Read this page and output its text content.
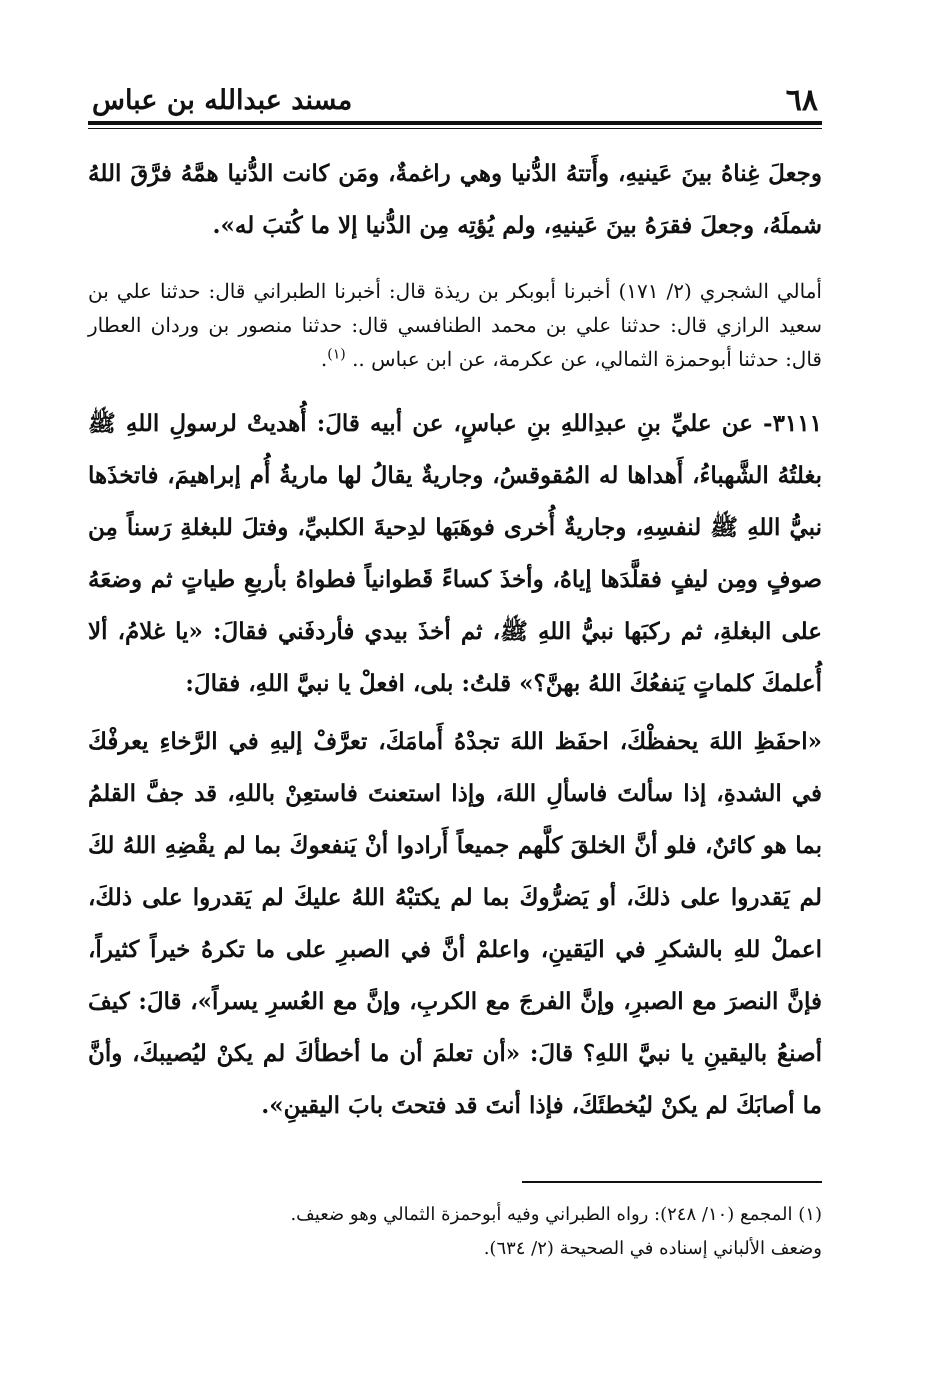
٦٨
مسند عبدالله بن عباس

وجعلَ غِناهُ بينَ عَينيهِ، وأَتتهُ الدُّنيا وهي راغمةٌ، ومَن كانت الدُّنيا همَّهُ فرَّقَ اللهُ شملَهُ، وجعلَ فقرَهُ بينَ عَينيهِ، ولم يُؤتِه مِن الدُّنيا إلا ما كُتبَ له».

أمالي الشجري (٢/ ١٧١) أخبرنا أبوبكر بن ريذة قال: أخبرنا الطبراني قال: حدثنا علي بن سعيد الرازي قال: حدثنا علي بن محمد الطنافسي قال: حدثنا منصور بن وردان العطار قال: حدثنا أبوحمزة الثمالي، عن عكرمة، عن ابن عباس .. $^{(١)}$.

٣١١١- عن عليِّ بنِ عبدِاللهِ بنِ عباسٍ، عن أبيه قالَ: أُهديتْ لرسولِ اللهِ ﷺ بغلتُهُ الشَّهباءُ، أَهداها له المُقوقسُ، وجاريةٌ يقالُ لها ماريةُ أُم إبراهيمَ، فاتخذَها نبيُّ اللهِ ﷺ لنفسِهِ، وجاريةٌ أُخرى فوهَبَها لدِحيةَ الكلبيِّ، وفتلَ للبغلةِ رَسناً مِن صوفٍ ومِن ليفٍ فقلَّدَها إياهُ، وأخذَ كساءً قَطوانياً فطواهُ بأربعِ طياتٍ ثم وضعَهُ على البغلةِ، ثم ركبَها نبيُّ اللهِ ﷺ، ثم أخذَ بيدي فأردفَني فقالَ: «يا غلامُ، ألا أُعلمكَ كلماتٍ يَنفعُكَ اللهُ بهنَّ؟» قلتُ: بلى، افعلْ يا نبيَّ اللهِ، فقالَ:

«احفَظِ اللهَ يحفظْكَ، احفَظ اللهَ تجدْهُ أَمامَكَ، تعرَّفْ إليهِ في الرَّخاءِ يعرفْكَ في الشدةِ، إذا سألتَ فاسألِ اللهَ، وإذا استعنتَ فاستعِنْ باللهِ، قد جفَّ القلمُ بما هو كائنٌ، فلو أنَّ الخلقَ كلَّهم جميعاً أَرادوا أنْ يَنفعوكَ بما لم يقْضِهِ اللهُ لكَ لم يَقدروا على ذلكَ، أو يَضرُّوكَ بما لم يكتبْهُ اللهُ عليكَ لم يَقدروا على ذلكَ، اعملْ للهِ بالشكرِ في اليَقينِ، واعلمْ أنَّ في الصبرِ على ما تكرهُ خيراً كثيراً، فإنَّ النصرَ مع الصبرِ، وإنَّ الفرجَ مع الكربِ، وإنَّ مع العُسرِ يسراً»، قالَ: كيفَ أصنعُ باليقينِ يا نبيَّ اللهِ؟ قالَ: «أن تعلمَ أن ما أخطأكَ لم يكنْ ليُصيبكَ، وأنَّ ما أصابَكَ لم يكنْ ليُخطئَكَ، فإذا أنتَ قد فتحتَ بابَ اليقينِ».

(١) المجمع (١٠/ ٢٤٨): رواه الطبراني وفيه أبوحمزة الثمالي وهو ضعيف.

وضعف الألباني إسناده في الصحيحة (٢/ ٦٣٤).
